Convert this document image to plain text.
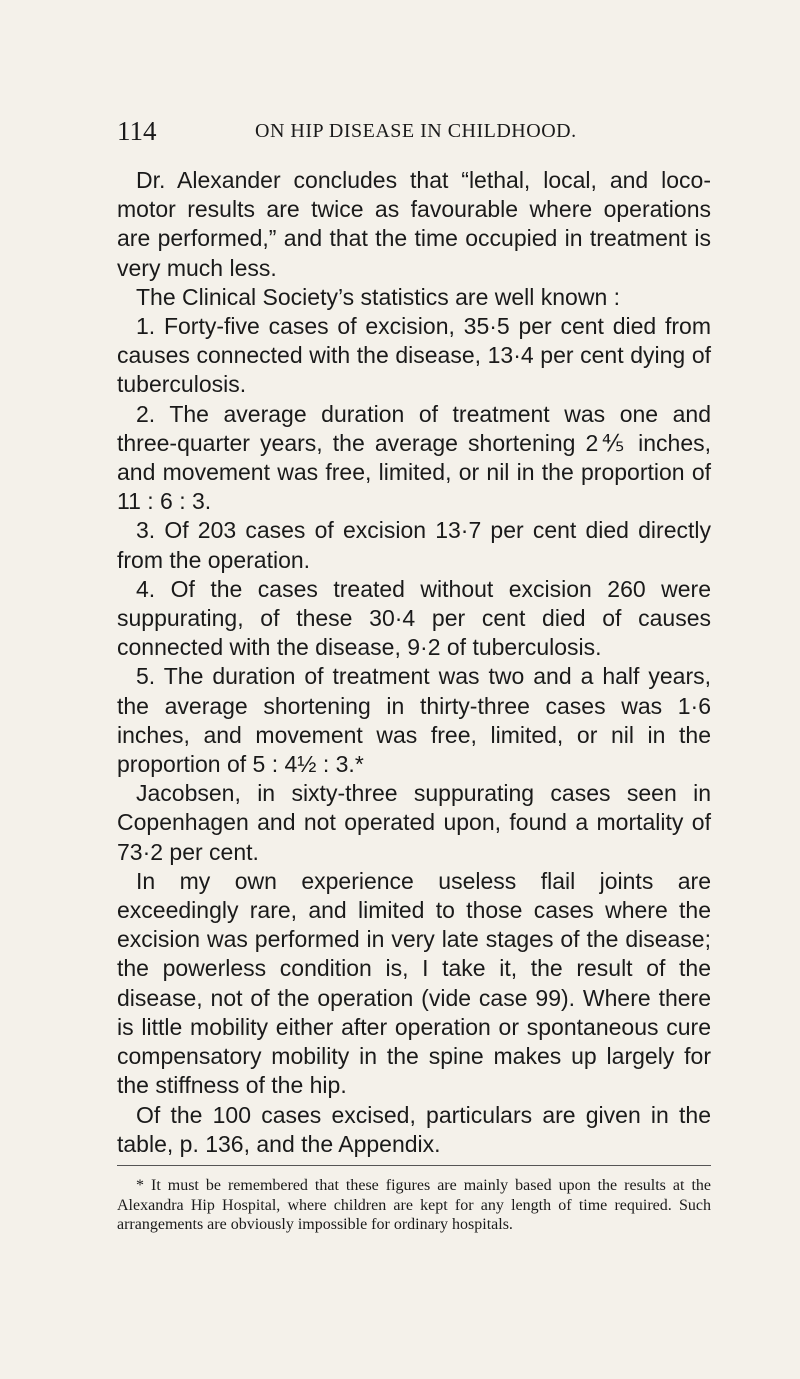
114	ON HIP DISEASE IN CHILDHOOD.

Dr. Alexander concludes that “lethal, local, and loco-motor results are twice as favourable where operations are performed,” and that the time occupied in treatment is very much less.

The Clinical Society’s statistics are well known :

1. Forty-five cases of excision, 35·5 per cent died from causes connected with the disease, 13·4 per cent dying of tuberculosis.

2. The average duration of treatment was one and three-quarter years, the average shortening 2⅘ inches, and movement was free, limited, or nil in the proportion of 11 : 6 : 3.

3. Of 203 cases of excision 13·7 per cent died directly from the operation.

4. Of the cases treated without excision 260 were suppurating, of these 30·4 per cent died of causes connected with the disease, 9·2 of tuberculosis.

5. The duration of treatment was two and a half years, the average shortening in thirty-three cases was 1·6 inches, and movement was free, limited, or nil in the proportion of 5 : 4½ : 3.*

Jacobsen, in sixty-three suppurating cases seen in Copenhagen and not operated upon, found a mortality of 73·2 per cent.

In my own experience useless flail joints are exceedingly rare, and limited to those cases where the excision was performed in very late stages of the disease; the powerless condition is, I take it, the result of the disease, not of the operation (vide case 99). Where there is little mobility either after operation or spontaneous cure compensatory mobility in the spine makes up largely for the stiffness of the hip.

Of the 100 cases excised, particulars are given in the table, p. 136, and the Appendix.

* It must be remembered that these figures are mainly based upon the results at the Alexandra Hip Hospital, where children are kept for any length of time required. Such arrangements are obviously impossible for ordinary hospitals.
